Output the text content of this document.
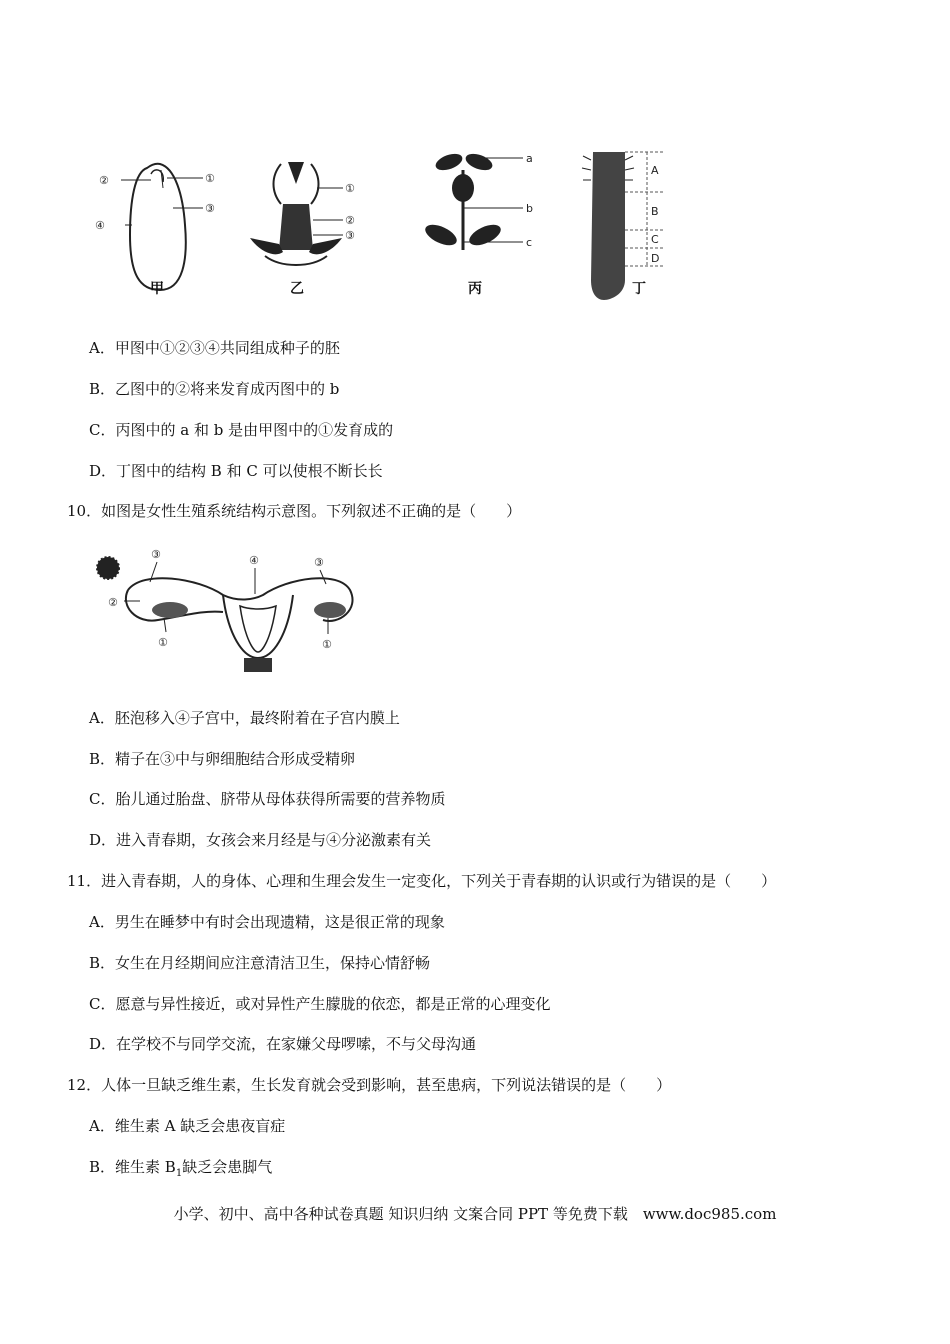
②	①
④
③
①
②
③
a
b
c
A
B
C
D
甲	乙	丙	丁
A．甲图中①②③④共同组成种子的胚
B．乙图中的②将来发育成丙图中的 b
C．丙图中的 a 和 b 是由甲图中的①发育成的
D．丁图中的结构 B 和 C 可以使根不断长长
10．如图是女性生殖系统结构示意图。下列叙述不正确的是（　　）
③	④	③
②
①	①
A．胚泡移入④子宫中，最终附着在子宫内膜上
B．精子在③中与卵细胞结合形成受精卵
C．胎儿通过胎盘、脐带从母体获得所需要的营养物质
D．进入青春期，女孩会来月经是与④分泌激素有关
11．进入青春期，人的身体、心理和生理会发生一定变化，下列关于青春期的认识或行为错误的是（　　）
A．男生在睡梦中有时会出现遗精，这是很正常的现象
B．女生在月经期间应注意清洁卫生，保持心情舒畅
C．愿意与异性接近，或对异性产生朦胧的依恋，都是正常的心理变化
D．在学校不与同学交流，在家嫌父母啰嗦，不与父母沟通
12．人体一旦缺乏维生素，生长发育就会受到影响，甚至患病，下列说法错误的是（　　）
A．维生素 A 缺乏会患夜盲症
B．维生素 $B_1$缺乏会患脚气
小学、初中、高中各种试卷真题 知识归纳 文案合同 PPT 等免费下载　www.doc985.com
